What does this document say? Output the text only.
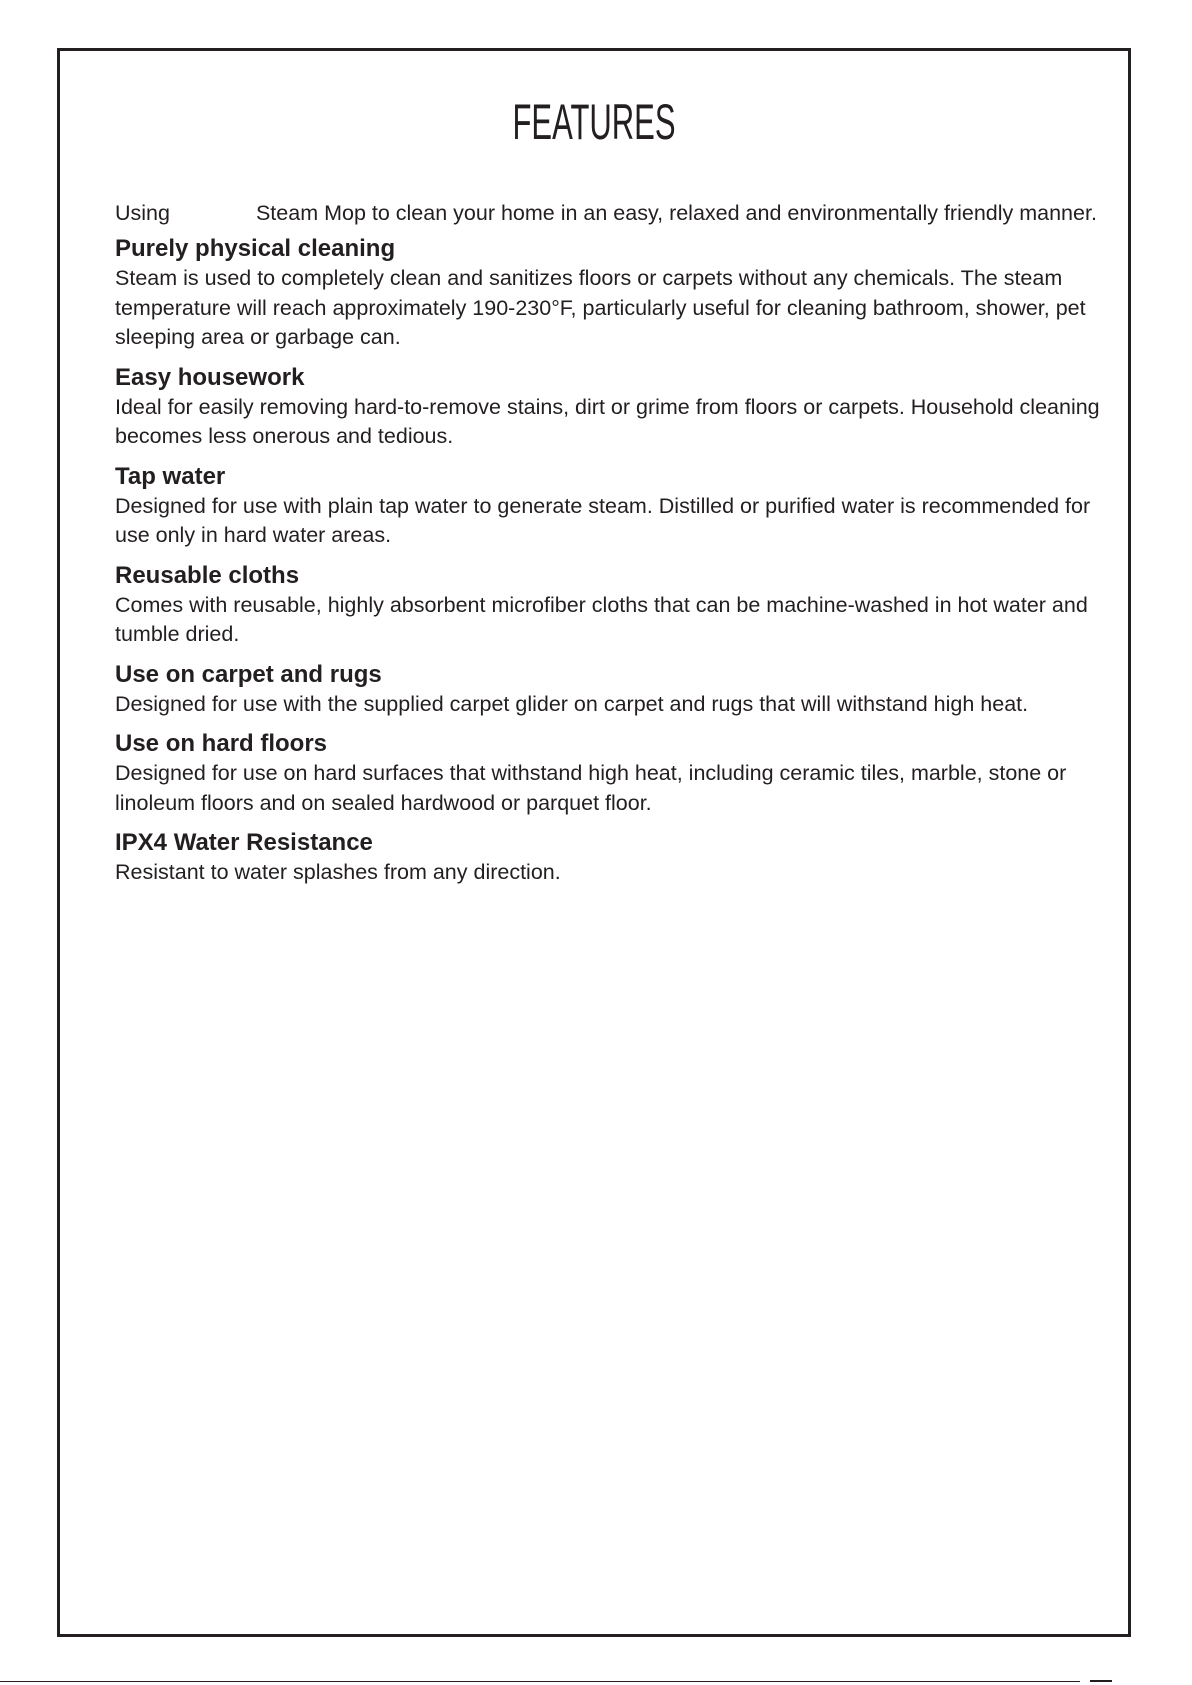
FEATURES

Using	Steam Mop to clean your home in an easy, relaxed and environmentally friendly manner.

Purely physical cleaning

Steam is used to completely clean and sanitizes floors or carpets without any chemicals. The steam temperature will reach approximately 190-230°F, particularly useful for cleaning bathroom, shower, pet sleeping area or garbage can.

Easy housework

Ideal for easily removing hard-to-remove stains, dirt or grime from floors or carpets. Household cleaning becomes less onerous and tedious.

Tap water

Designed for use with plain tap water to generate steam. Distilled or purified water is recommended for use only in hard water areas.

Reusable cloths

Comes with reusable, highly absorbent microfiber cloths that can be machine-washed in hot water and tumble dried.

Use on carpet and rugs

Designed for use with the supplied carpet glider on carpet and rugs that will withstand high heat.

Use on hard floors

Designed for use on hard surfaces that withstand high heat, including ceramic tiles, marble, stone or linoleum floors and on sealed hardwood or parquet floor.

IPX4 Water Resistance

Resistant to water splashes from any direction.
